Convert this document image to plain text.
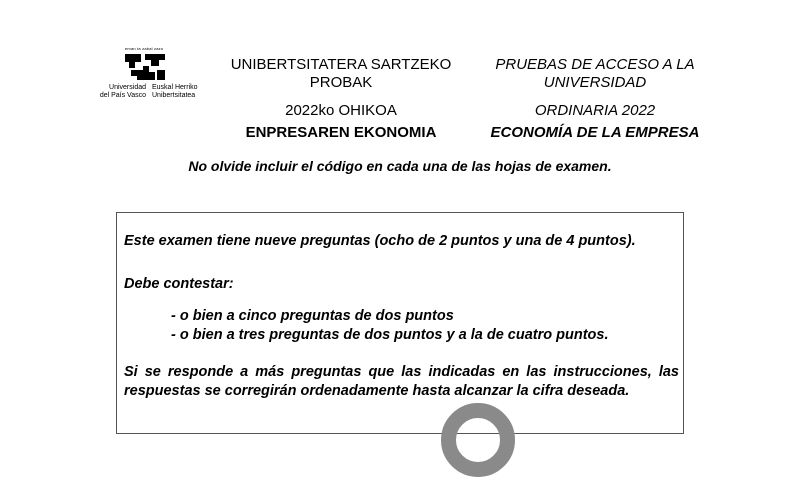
eman ta zabal zazu
Universidad
del País Vasco
Euskal Herriko
Unibertsitatea
UNIBERTSITATERA SARTZEKO
PROBAK
2022ko OHIKOA
ENPRESAREN EKONOMIA
PRUEBAS DE ACCESO A LA
UNIVERSIDAD
ORDINARIA 2022
ECONOMÍA DE LA EMPRESA
No olvide incluir el código en cada una de las hojas de examen.

Este examen tiene nueve preguntas (ocho de 2 puntos y una de 4 puntos).

Debe contestar:

- o bien a cinco preguntas de dos puntos

- o bien a tres preguntas de dos puntos y a la de cuatro puntos.

Si se responde a más preguntas que las indicadas en las instrucciones, las respuestas se corregirán ordenadamente hasta alcanzar la cifra deseada.
